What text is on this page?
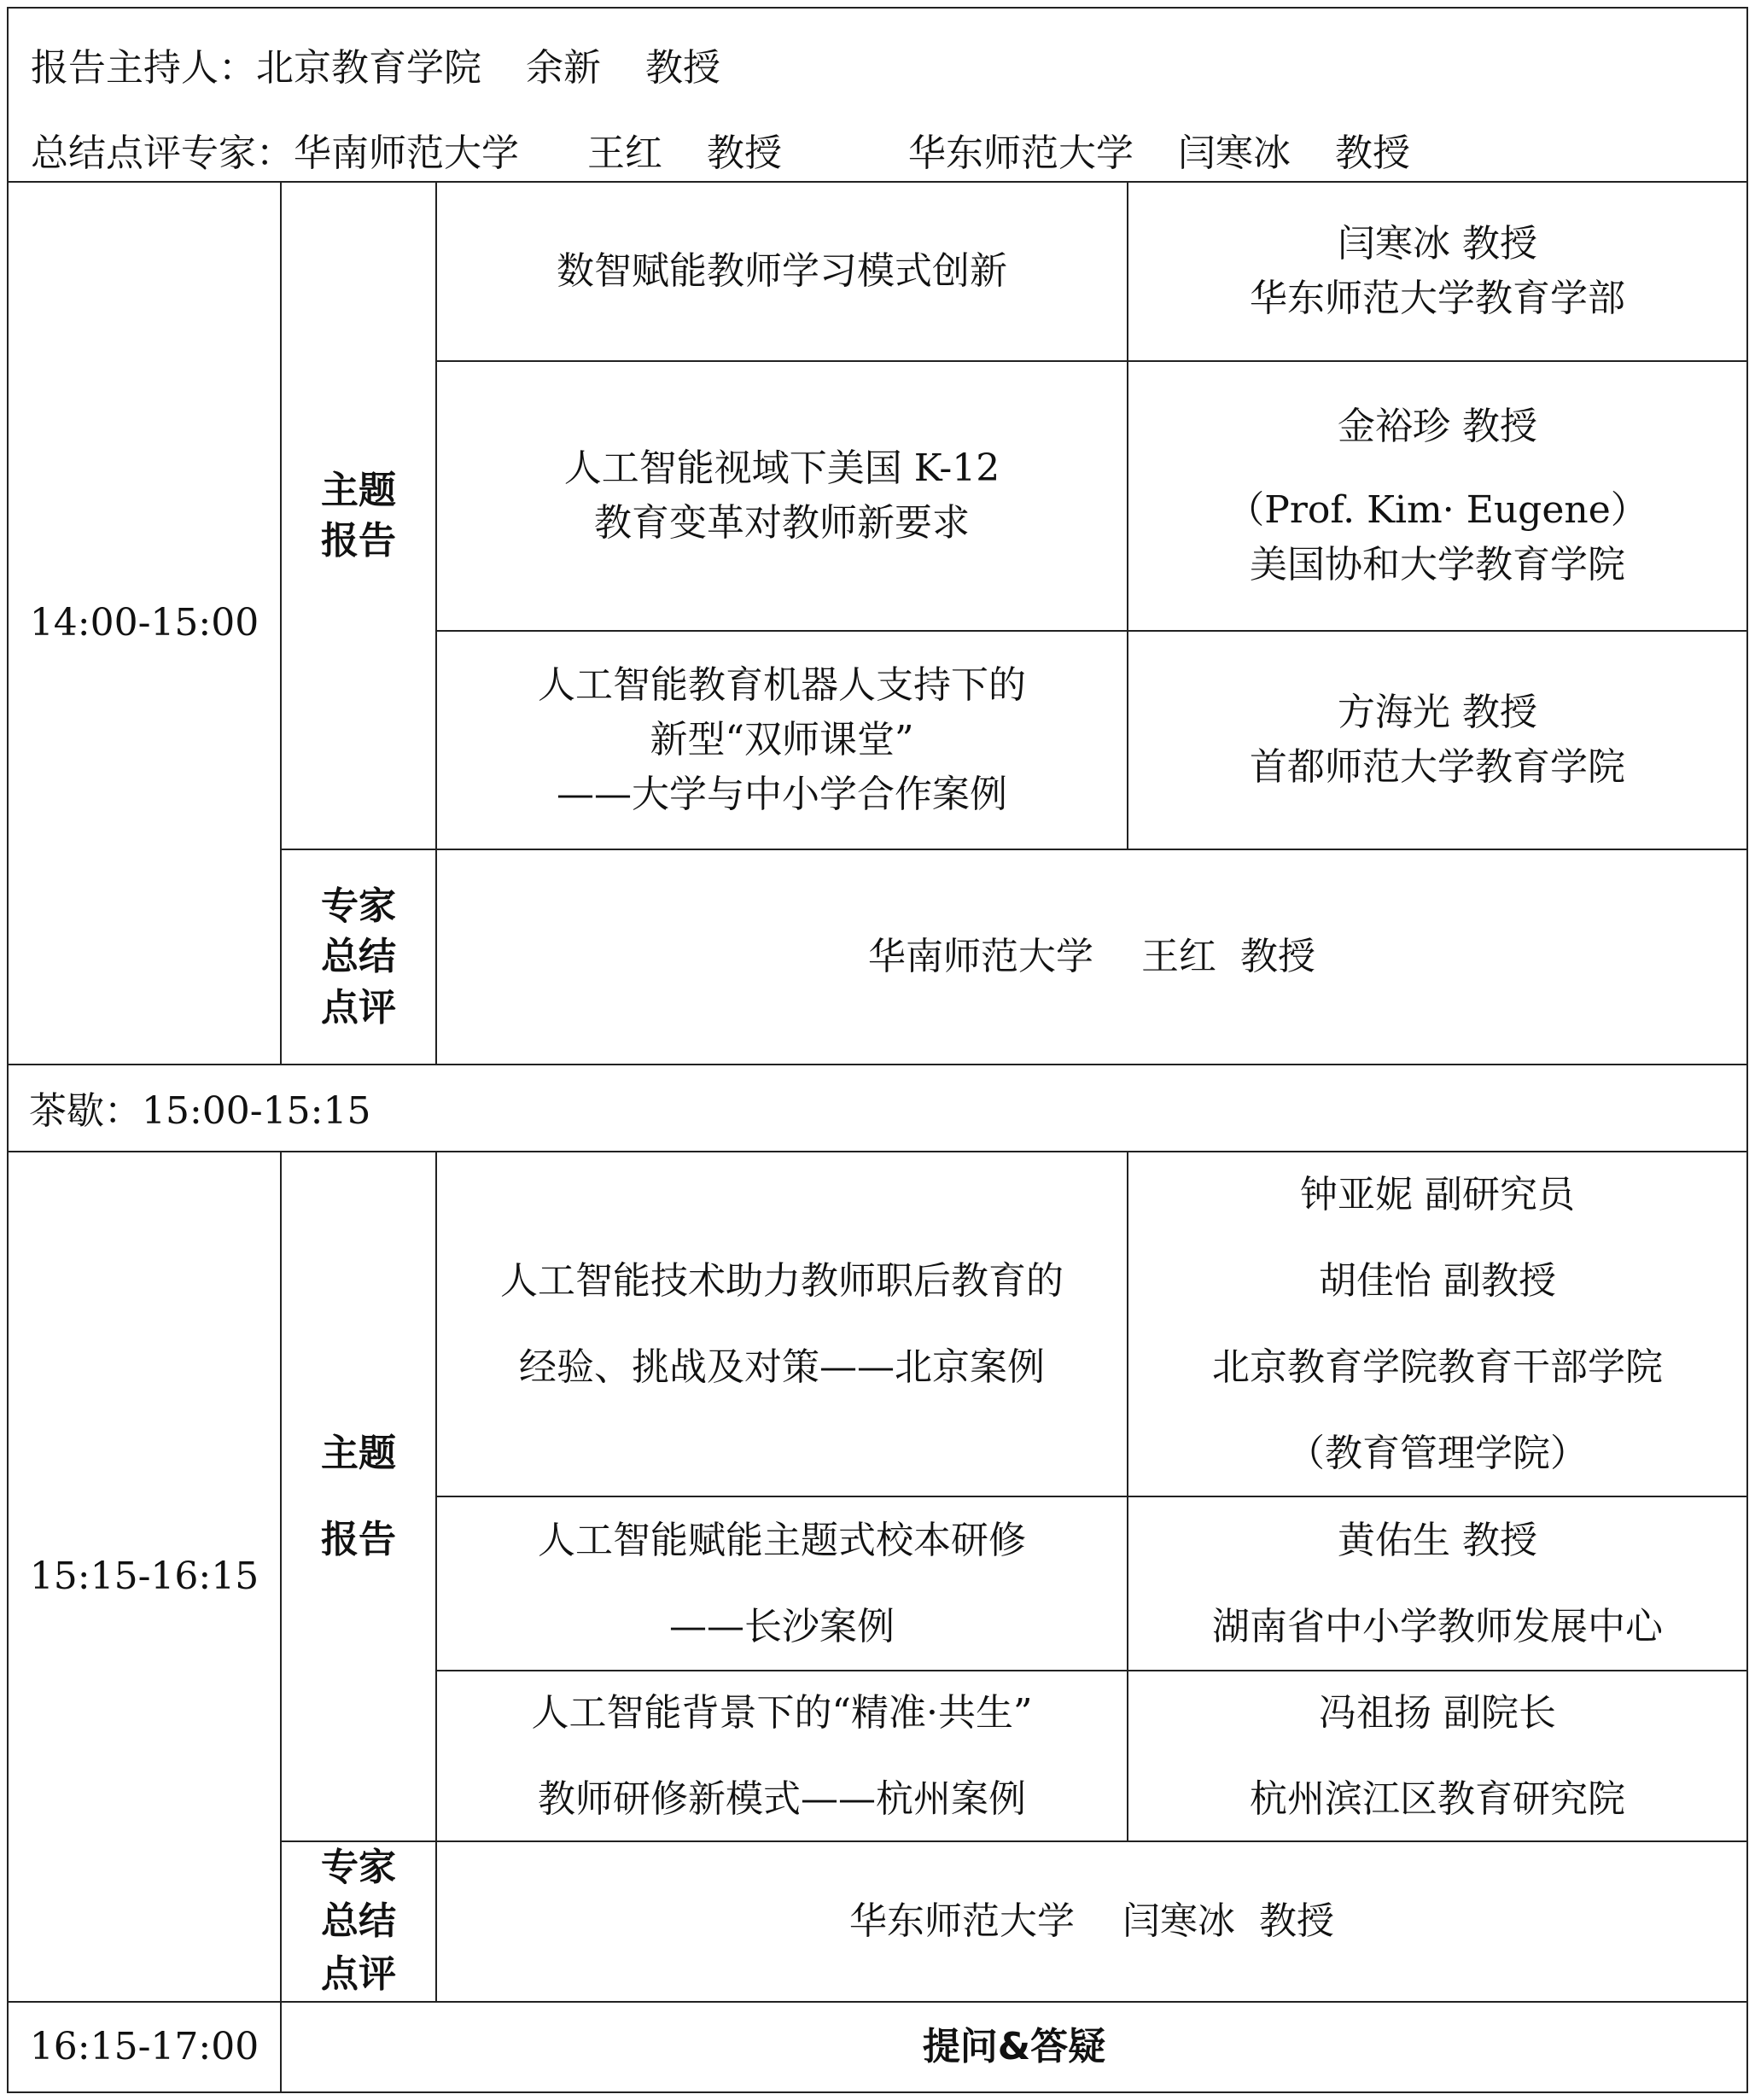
报告主持人：北京教育学院 余新 教授
总结点评专家：华南师范大学 王红 教授	华东师范大学 闫寒冰 教授
14:00-15:00
主题
报告
数智赋能教师学习模式创新
闫寒冰 教授
华东师范大学教育学部
人工智能视域下美国 K-12
教育变革对教师新要求
金裕珍 教授
（Prof. Kim· Eugene）
美国协和大学教育学院
人工智能教育机器人支持下的
新型“双师课堂”
——大学与中小学合作案例
方海光 教授
首都师范大学教育学院
专家
总结
点评
华南师范大学    王红  教授
茶歇：15:00-15:15
15:15-16:15
主题
报告
人工智能技术助力教师职后教育的
经验、挑战及对策——北京案例
钟亚妮 副研究员
胡佳怡 副教授
北京教育学院教育干部学院
（教育管理学院）
人工智能赋能主题式校本研修
——长沙案例
黄佑生 教授
湖南省中小学教师发展中心
人工智能背景下的“精准·共生”
教师研修新模式——杭州案例
冯祖扬 副院长
杭州滨江区教育研究院
专家
总结
点评
华东师范大学    闫寒冰  教授
16:15-17:00	提问&答疑
